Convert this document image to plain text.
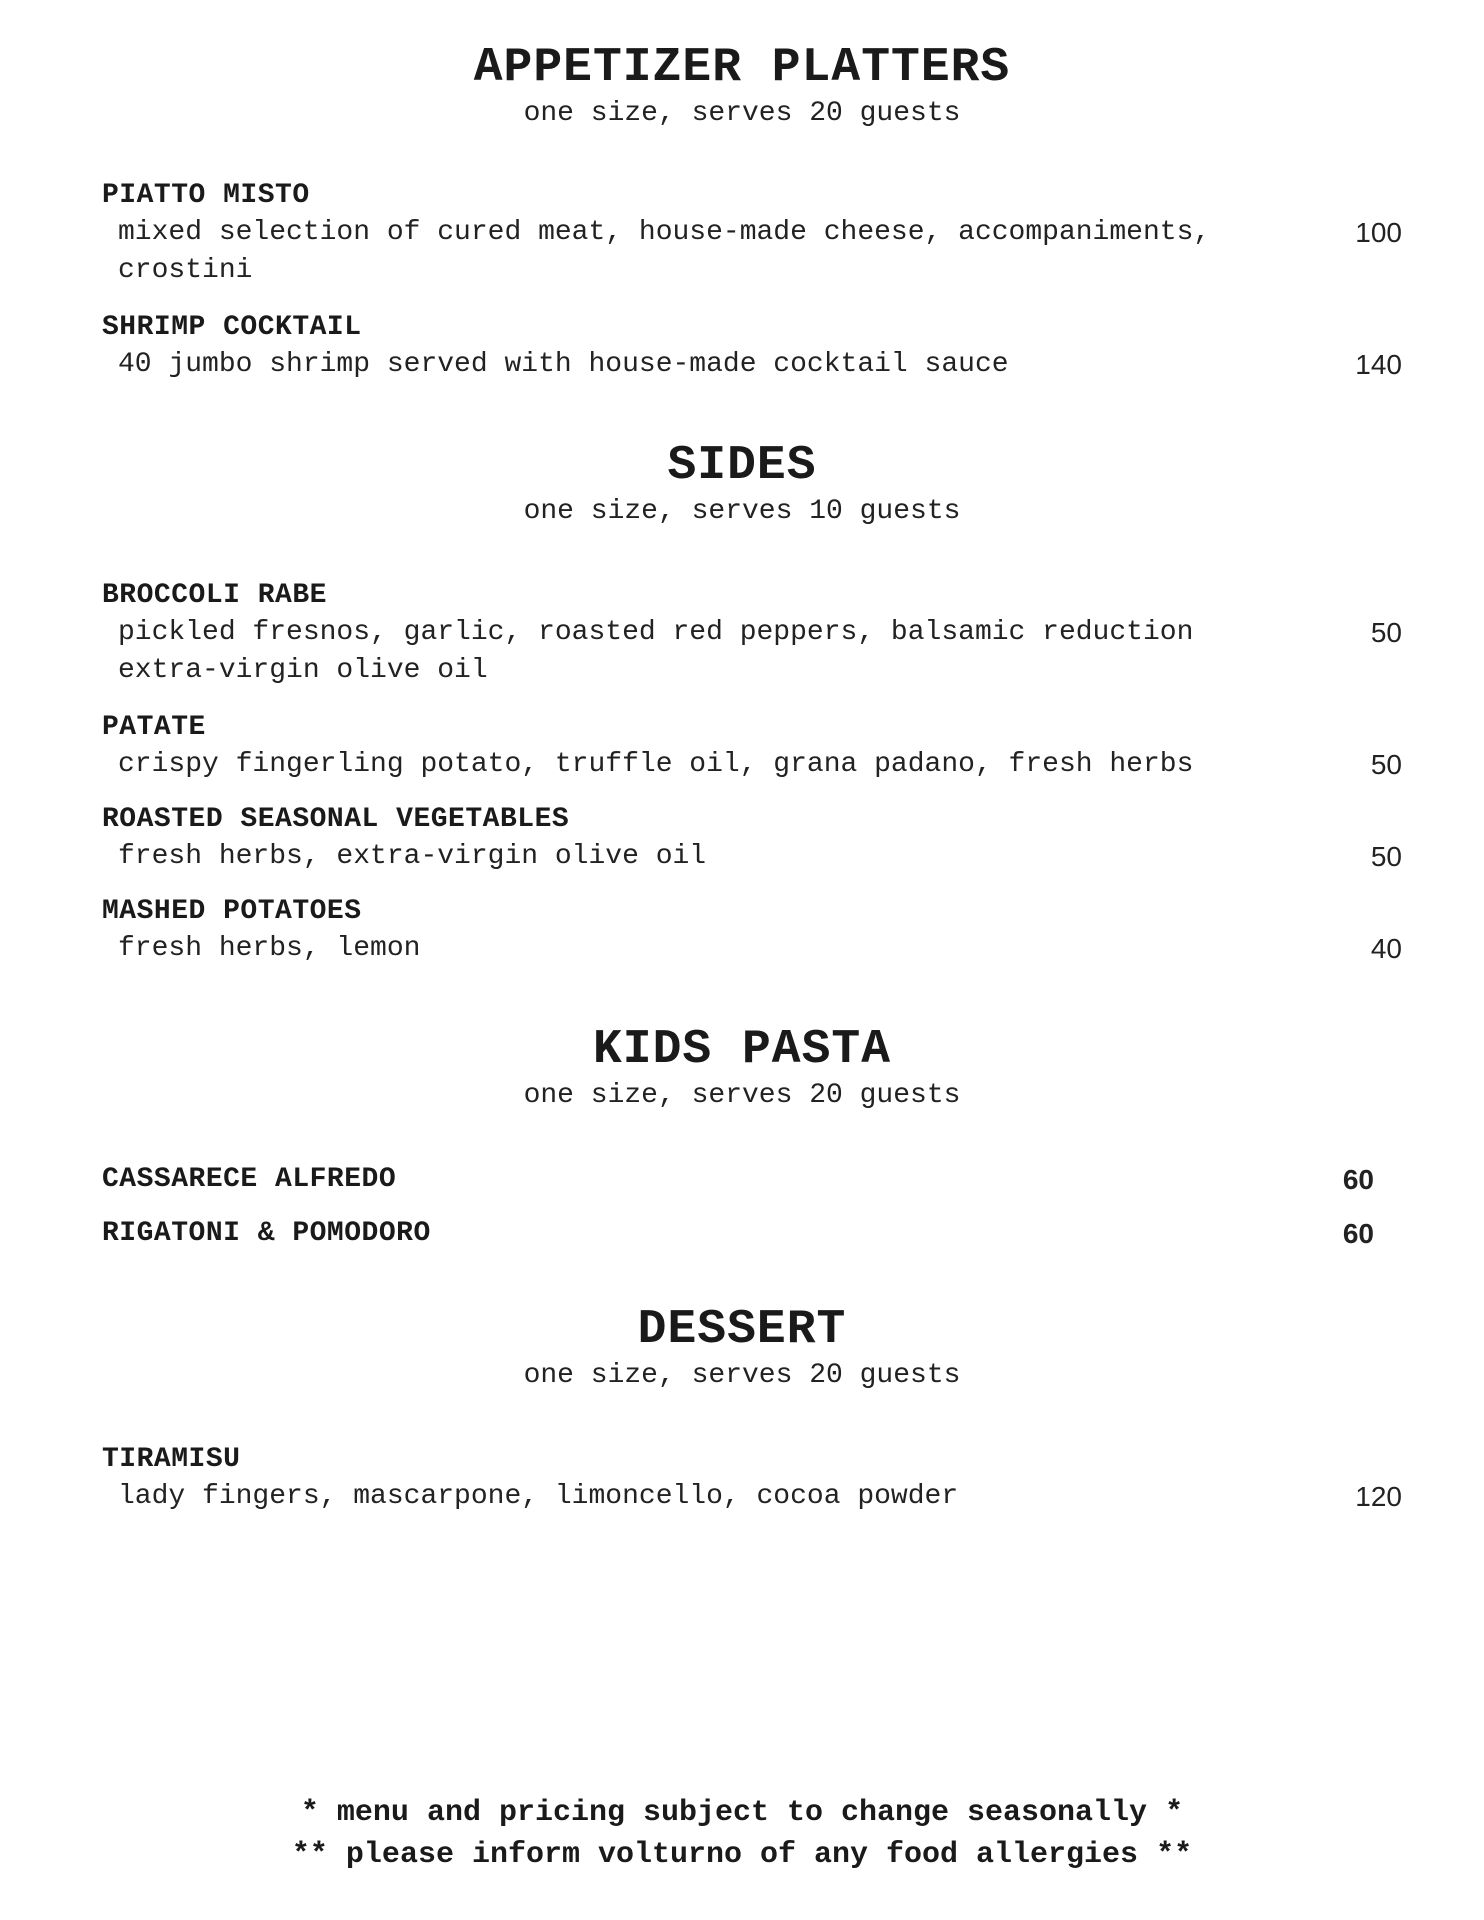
APPETIZER PLATTERS

one size, serves 20 guests

PIATTO MISTO
mixed selection of cured meat, house-made cheese, accompaniments, crostini
100
SHRIMP COCKTAIL
40 jumbo shrimp served with house-made cocktail sauce	140
SIDES

one size, serves 10 guests

BROCCOLI RABE
pickled fresnos, garlic, roasted red peppers, balsamic reduction extra-virgin olive oil
50
PATATE
crispy fingerling potato, truffle oil, grana padano, fresh herbs	50
ROASTED SEASONAL VEGETABLES
fresh herbs, extra-virgin olive oil	50
MASHED POTATOES
fresh herbs, lemon	40
KIDS PASTA

one size, serves 20 guests

CASSARECE ALFREDO	60
RIGATONI & POMODORO	60
DESSERT

one size, serves 20 guests

TIRAMISU
lady fingers, mascarpone, limoncello, cocoa powder	120
* menu and pricing subject to change seasonally *
** please inform volturno of any food allergies **
